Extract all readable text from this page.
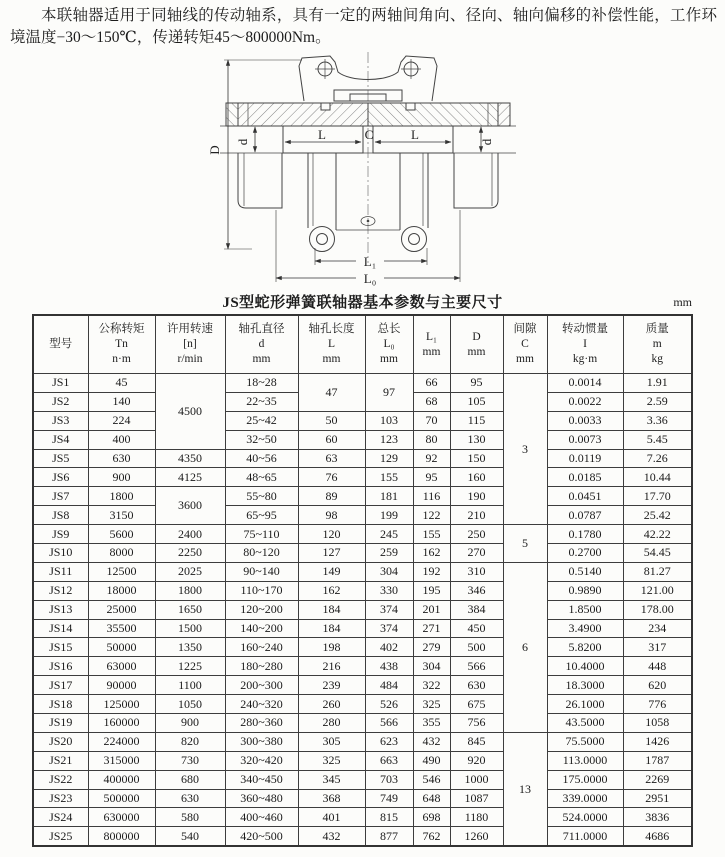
本联轴器适用于同轴线的传动轴系，具有一定的两轴间角向、径向、轴向偏移的补偿性能，工作环境温度−30～150℃，传递转矩45～800000Nm。

D
d	d
L	C	L
L₁
L₀
JS型蛇形弹簧联轴器基本参数与主要尺寸	mm
型号

公称转矩
Tn
n·m

许用转速
[n]
r/min

轴孔直径
d
mm

轴孔长度
L
mm

总长
L₀
mm

L₁
mm

D
mm

间隙
C
mm

转动惯量
I
kg·m

质量
m
kg

JS1	45	4500	18~28	47	97	66	95	3	0.0014	1.91
JS2	140		22~35			68	105		0.0022	2.59
JS3	224		25~42	50	103	70	115		0.0033	3.36
JS4	400		32~50	60	123	80	130		0.0073	5.45
JS5	630	4350	40~56	63	129	92	150		0.0119	7.26
JS6	900	4125	48~65	76	155	95	160		0.0185	10.44
JS7	1800	3600	55~80	89	181	116	190		0.0451	17.70
JS8	3150		65~95	98	199	122	210		0.0787	25.42
JS9	5600	2400	75~110	120	245	155	250	5	0.1780	42.22
JS10	8000	2250	80~120	127	259	162	270		0.2700	54.45
JS11	12500	2025	90~140	149	304	192	310	6	0.5140	81.27
JS12	18000	1800	110~170	162	330	195	346		0.9890	121.00
JS13	25000	1650	120~200	184	374	201	384		1.8500	178.00
JS14	35500	1500	140~200	184	374	271	450		3.4900	234
JS15	50000	1350	160~240	198	402	279	500		5.8200	317
JS16	63000	1225	180~280	216	438	304	566		10.4000	448
JS17	90000	1100	200~300	239	484	322	630		18.3000	620
JS18	125000	1050	240~320	260	526	325	675		26.1000	776
JS19	160000	900	280~360	280	566	355	756		43.5000	1058
JS20	224000	820	300~380	305	623	432	845	13	75.5000	1426
JS21	315000	730	320~420	325	663	490	920		113.0000	1787
JS22	400000	680	340~450	345	703	546	1000		175.0000	2269
JS23	500000	630	360~480	368	749	648	1087		339.0000	2951
JS24	630000	580	400~460	401	815	698	1180		524.0000	3836
JS25	800000	540	420~500	432	877	762	1260		711.0000	4686
